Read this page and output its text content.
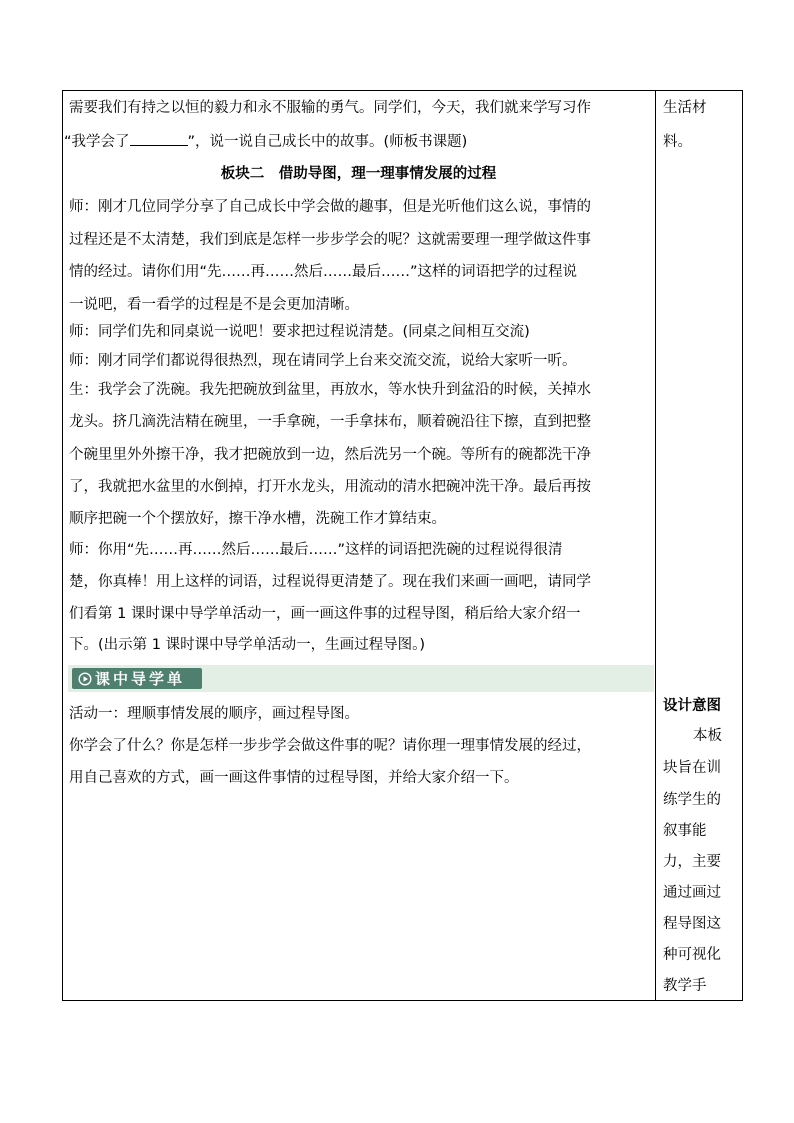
需要我们有持之以恒的毅力和永不服输的勇气。同学们，今天，我们就来学写习作
“我学会了	”，说一说自己成长中的故事。(师板书课题)
板块二　借助导图，理一理事情发展的过程
师：刚才几位同学分享了自己成长中学会做的趣事，但是光听他们这么说，事情的
过程还是不太清楚，我们到底是怎样一步步学会的呢？这就需要理一理学做这件事
情的经过。请你们用“先……再……然后……最后……”这样的词语把学的过程说
一说吧，看一看学的过程是不是会更加清晰。
师：同学们先和同桌说一说吧！要求把过程说清楚。(同桌之间相互交流)
师：刚才同学们都说得很热烈，现在请同学上台来交流交流，说给大家听一听。
生：我学会了洗碗。我先把碗放到盆里，再放水，等水快升到盆沿的时候，关掉水
龙头。挤几滴洗洁精在碗里，一手拿碗，一手拿抹布，顺着碗沿往下擦，直到把整
个碗里里外外擦干净，我才把碗放到一边，然后洗另一个碗。等所有的碗都洗干净
了，我就把水盆里的水倒掉，打开水龙头，用流动的清水把碗冲洗干净。最后再按
顺序把碗一个个摆放好，擦干净水槽，洗碗工作才算结束。
师：你用“先……再……然后……最后……”这样的词语把洗碗的过程说得很清
楚，你真棒！用上这样的词语，过程说得更清楚了。现在我们来画一画吧，请同学
们看第 1 课时课中导学单活动一，画一画这件事的过程导图，稍后给大家介绍一
下。(出示第 1 课时课中导学单活动一，生画过程导图。)
课中导学单
活动一：理顺事情发展的顺序，画过程导图。
你学会了什么？你是怎样一步步学会做这件事的呢？请你理一理事情发展的经过，
用自己喜欢的方式，画一画这件事情的过程导图，并给大家介绍一下。
生活材
料。
设计意图
本板
块旨在训
练学生的
叙事能
力，主要
通过画过
程导图这
种可视化
教学手
